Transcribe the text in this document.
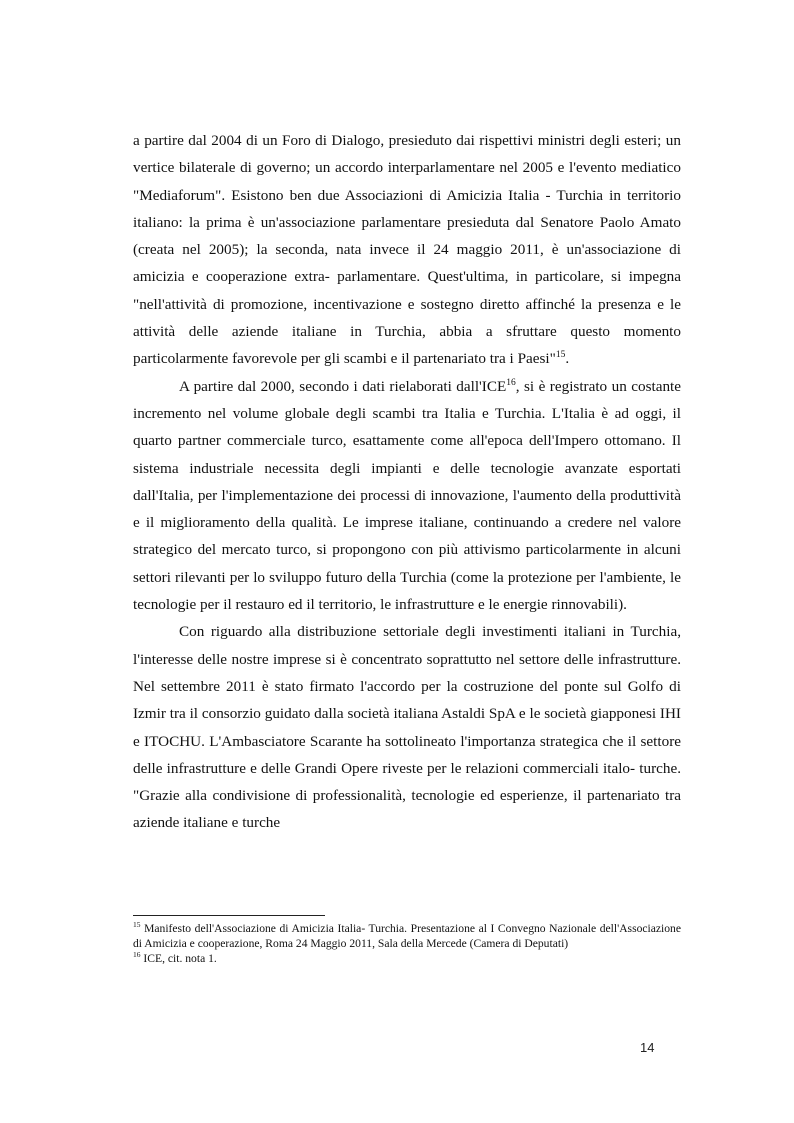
a partire dal 2004 di un Foro di Dialogo, presieduto dai rispettivi ministri degli esteri; un vertice bilaterale di governo; un accordo interparlamentare nel 2005 e l'evento mediatico "Mediaforum". Esistono ben due Associazioni di Amicizia Italia - Turchia in territorio italiano: la prima è un'associazione parlamentare presieduta dal Senatore Paolo Amato (creata nel 2005); la seconda, nata invece il 24 maggio 2011, è un'associazione di amicizia e cooperazione extra- parlamentare. Quest'ultima, in particolare, si impegna "nell'attività di promozione, incentivazione e sostegno diretto affinché la presenza e le attività delle aziende italiane in Turchia, abbia a sfruttare questo momento particolarmente favorevole per gli scambi e il partenariato tra i Paesi"$^{15}$.

A partire dal 2000, secondo i dati rielaborati dall'ICE$^{16}$, si è registrato un costante incremento nel volume globale degli scambi tra Italia e Turchia. L'Italia è ad oggi, il quarto partner commerciale turco, esattamente come all'epoca dell'Impero ottomano. Il sistema industriale necessita degli impianti e delle tecnologie avanzate esportati dall'Italia, per l'implementazione dei processi di innovazione, l'aumento della produttività e il miglioramento della qualità. Le imprese italiane, continuando a credere nel valore strategico del mercato turco, si propongono con più attivismo particolarmente in alcuni settori rilevanti per lo sviluppo futuro della Turchia (come la protezione per l'ambiente, le tecnologie per il restauro ed il territorio, le infrastrutture e le energie rinnovabili).

Con riguardo alla distribuzione settoriale degli investimenti italiani in Turchia, l'interesse delle nostre imprese si è concentrato soprattutto nel settore delle infrastrutture. Nel settembre 2011 è stato firmato l'accordo per la costruzione del ponte sul Golfo di Izmir tra il consorzio guidato dalla società italiana Astaldi SpA e le società giapponesi IHI e ITOCHU. L'Ambasciatore Scarante ha sottolineato l'importanza strategica che il settore delle infrastrutture e delle Grandi Opere riveste per le relazioni commerciali italo- turche. "Grazie alla condivisione di professionalità, tecnologie ed esperienze, il partenariato tra aziende italiane e turche

$^{15}$ Manifesto dell'Associazione di Amicizia Italia- Turchia. Presentazione al I Convegno Nazionale dell'Associazione di Amicizia e cooperazione, Roma 24 Maggio 2011, Sala della Mercede (Camera di Deputati)

$^{16}$ ICE, cit. nota 1.

14
